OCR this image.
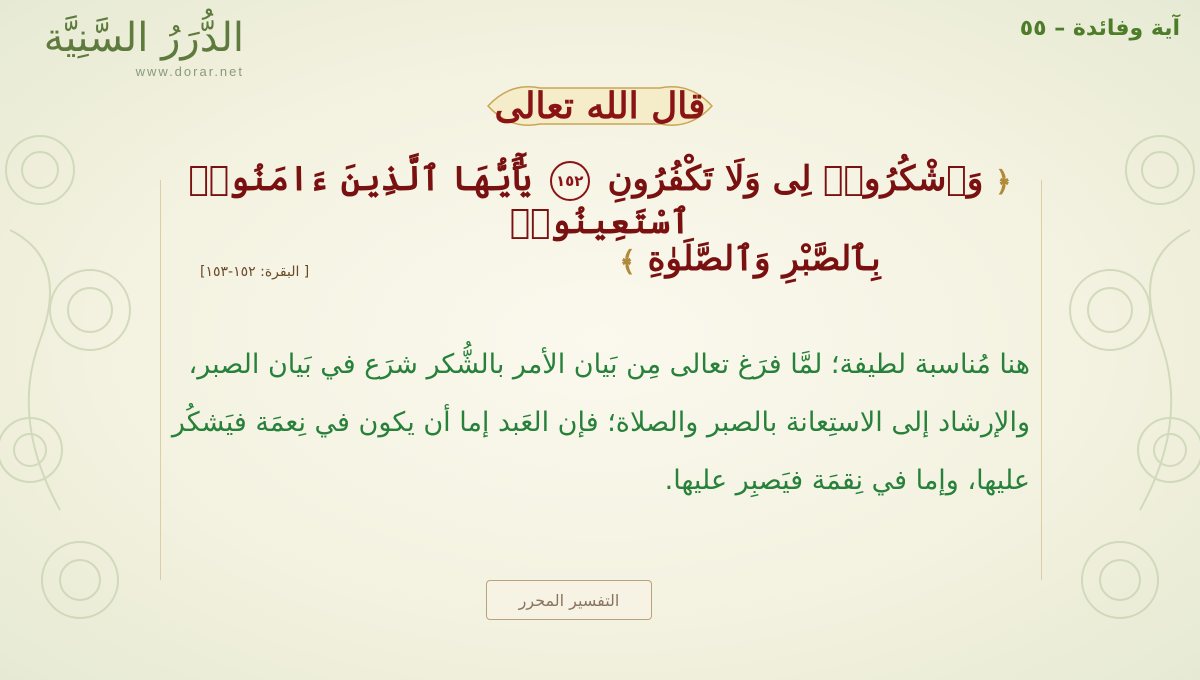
الدُّرَرُ السَّنِيَّة
www.dorar.net
آية وفائدة – ٥٥
قال الله تعالى
﴿ وَٱشْكُرُوا۟ لِى وَلَا تَكْفُرُونِ ١٥٢ يَٰٓأَيُّهَا ٱلَّذِينَ ءَامَنُوا۟ ٱسْتَعِينُوا۟
بِٱلصَّبْرِ وَٱلصَّلَوٰةِ ﴾
[ البقرة: ١٥٢-١٥٣]
هنا مُناسبة لطيفة؛ لمَّا فرَغ تعالى مِن بَيان الأمر بالشُّكر شرَع في بَيان الصبر، والإرشاد إلى الاستِعانة بالصبر والصلاة؛ فإن العَبد إما أن يكون في نِعمَة فيَشكُر عليها، وإما في نِقمَة فيَصبِر عليها.
التفسير المحرر
